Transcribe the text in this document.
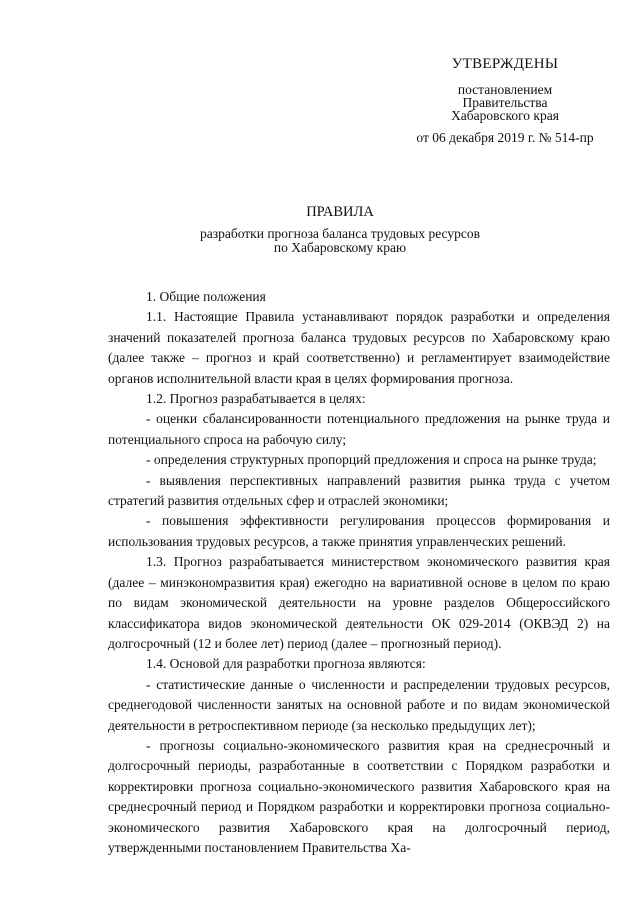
УТВЕРЖДЕНЫ
постановлением
Правительства
Хабаровского края
от 06 декабря 2019 г. № 514-пр
ПРАВИЛА
разработки прогноза баланса трудовых ресурсов
по Хабаровскому краю

1. Общие положения

1.1. Настоящие Правила устанавливают порядок разработки и определения значений показателей прогноза баланса трудовых ресурсов по Хабаровскому краю (далее также – прогноз и край соответственно) и регламентирует взаимодействие органов исполнительной власти края в целях формирования прогноза.

1.2. Прогноз разрабатывается в целях:

- оценки сбалансированности потенциального предложения на рынке труда и потенциального спроса на рабочую силу;

- определения структурных пропорций предложения и спроса на рынке труда;

- выявления перспективных направлений развития рынка труда с учетом стратегий развития отдельных сфер и отраслей экономики;

- повышения эффективности регулирования процессов формирования и использования трудовых ресурсов, а также принятия управленческих решений.

1.3. Прогноз разрабатывается министерством экономического развития края (далее – минэкономразвития края) ежегодно на вариативной основе в целом по краю по видам экономической деятельности на уровне разделов Общероссийского классификатора видов экономической деятельности ОК 029-2014 (ОКВЭД 2) на долгосрочный (12 и более лет) период (далее – прогнозный период).

1.4. Основой для разработки прогноза являются:

- статистические данные о численности и распределении трудовых ресурсов, среднегодовой численности занятых на основной работе и по видам экономической деятельности в ретроспективном периоде (за несколько предыдущих лет);

- прогнозы социально-экономического развития края на среднесрочный и долгосрочный периоды, разработанные в соответствии с Порядком разработки и корректировки прогноза социально-экономического развития Хабаровского края на среднесрочный период и Порядком разработки и корректировки прогноза социально-экономического развития Хабаровского края на долгосрочный период, утвержденными постановлением Правительства Ха-
